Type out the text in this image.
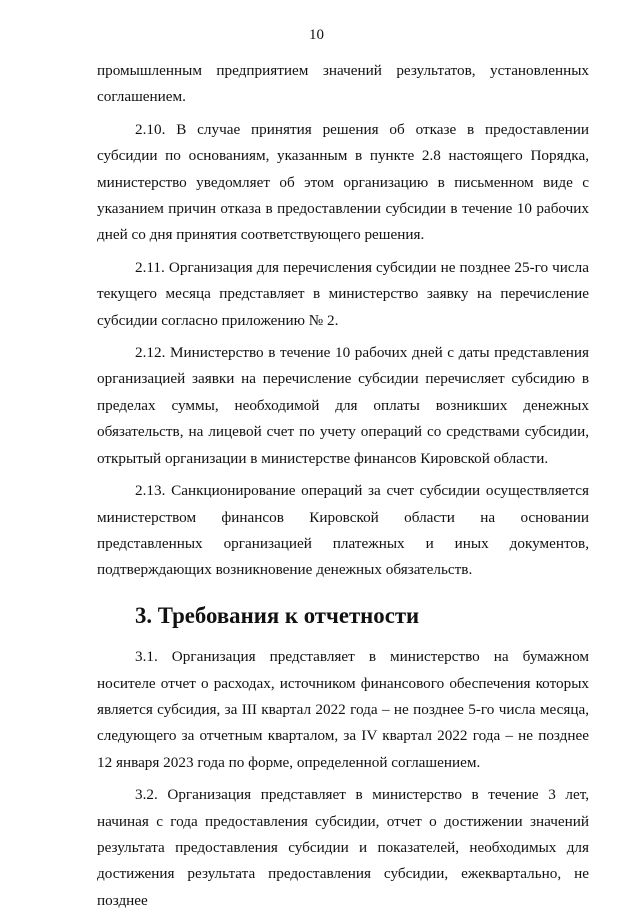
10

промышленным предприятием значений результатов, установленных соглашением.

2.10. В случае принятия решения об отказе в предоставлении субсидии по основаниям, указанным в пункте 2.8 настоящего Порядка, министерство уведомляет об этом организацию в письменном виде с указанием причин отказа в предоставлении субсидии в течение 10 рабочих дней со дня принятия соответствующего решения.

2.11. Организация для перечисления субсидии не позднее 25-го числа текущего месяца представляет в министерство заявку на перечисление субсидии согласно приложению № 2.

2.12. Министерство в течение 10 рабочих дней с даты представления организацией заявки на перечисление субсидии перечисляет субсидию в пределах суммы, необходимой для оплаты возникших денежных обязательств, на лицевой счет по учету операций со средствами субсидии, открытый организации в министерстве финансов Кировской области.

2.13. Санкционирование операций за счет субсидии осуществляется министерством финансов Кировской области на основании представленных организацией платежных и иных документов, подтверждающих возникновение денежных обязательств.

3. Требования к отчетности

3.1. Организация представляет в министерство на бумажном носителе отчет о расходах, источником финансового обеспечения которых является субсидия, за III квартал 2022 года – не позднее 5-го числа месяца, следующего за отчетным кварталом, за IV квартал 2022 года – не позднее 12 января 2023 года по форме, определенной соглашением.

3.2. Организация представляет в министерство в течение 3 лет, начиная с года предоставления субсидии, отчет о достижении значений результата предоставления субсидии и показателей, необходимых для достижения результата предоставления субсидии, ежеквартально, не позднее
